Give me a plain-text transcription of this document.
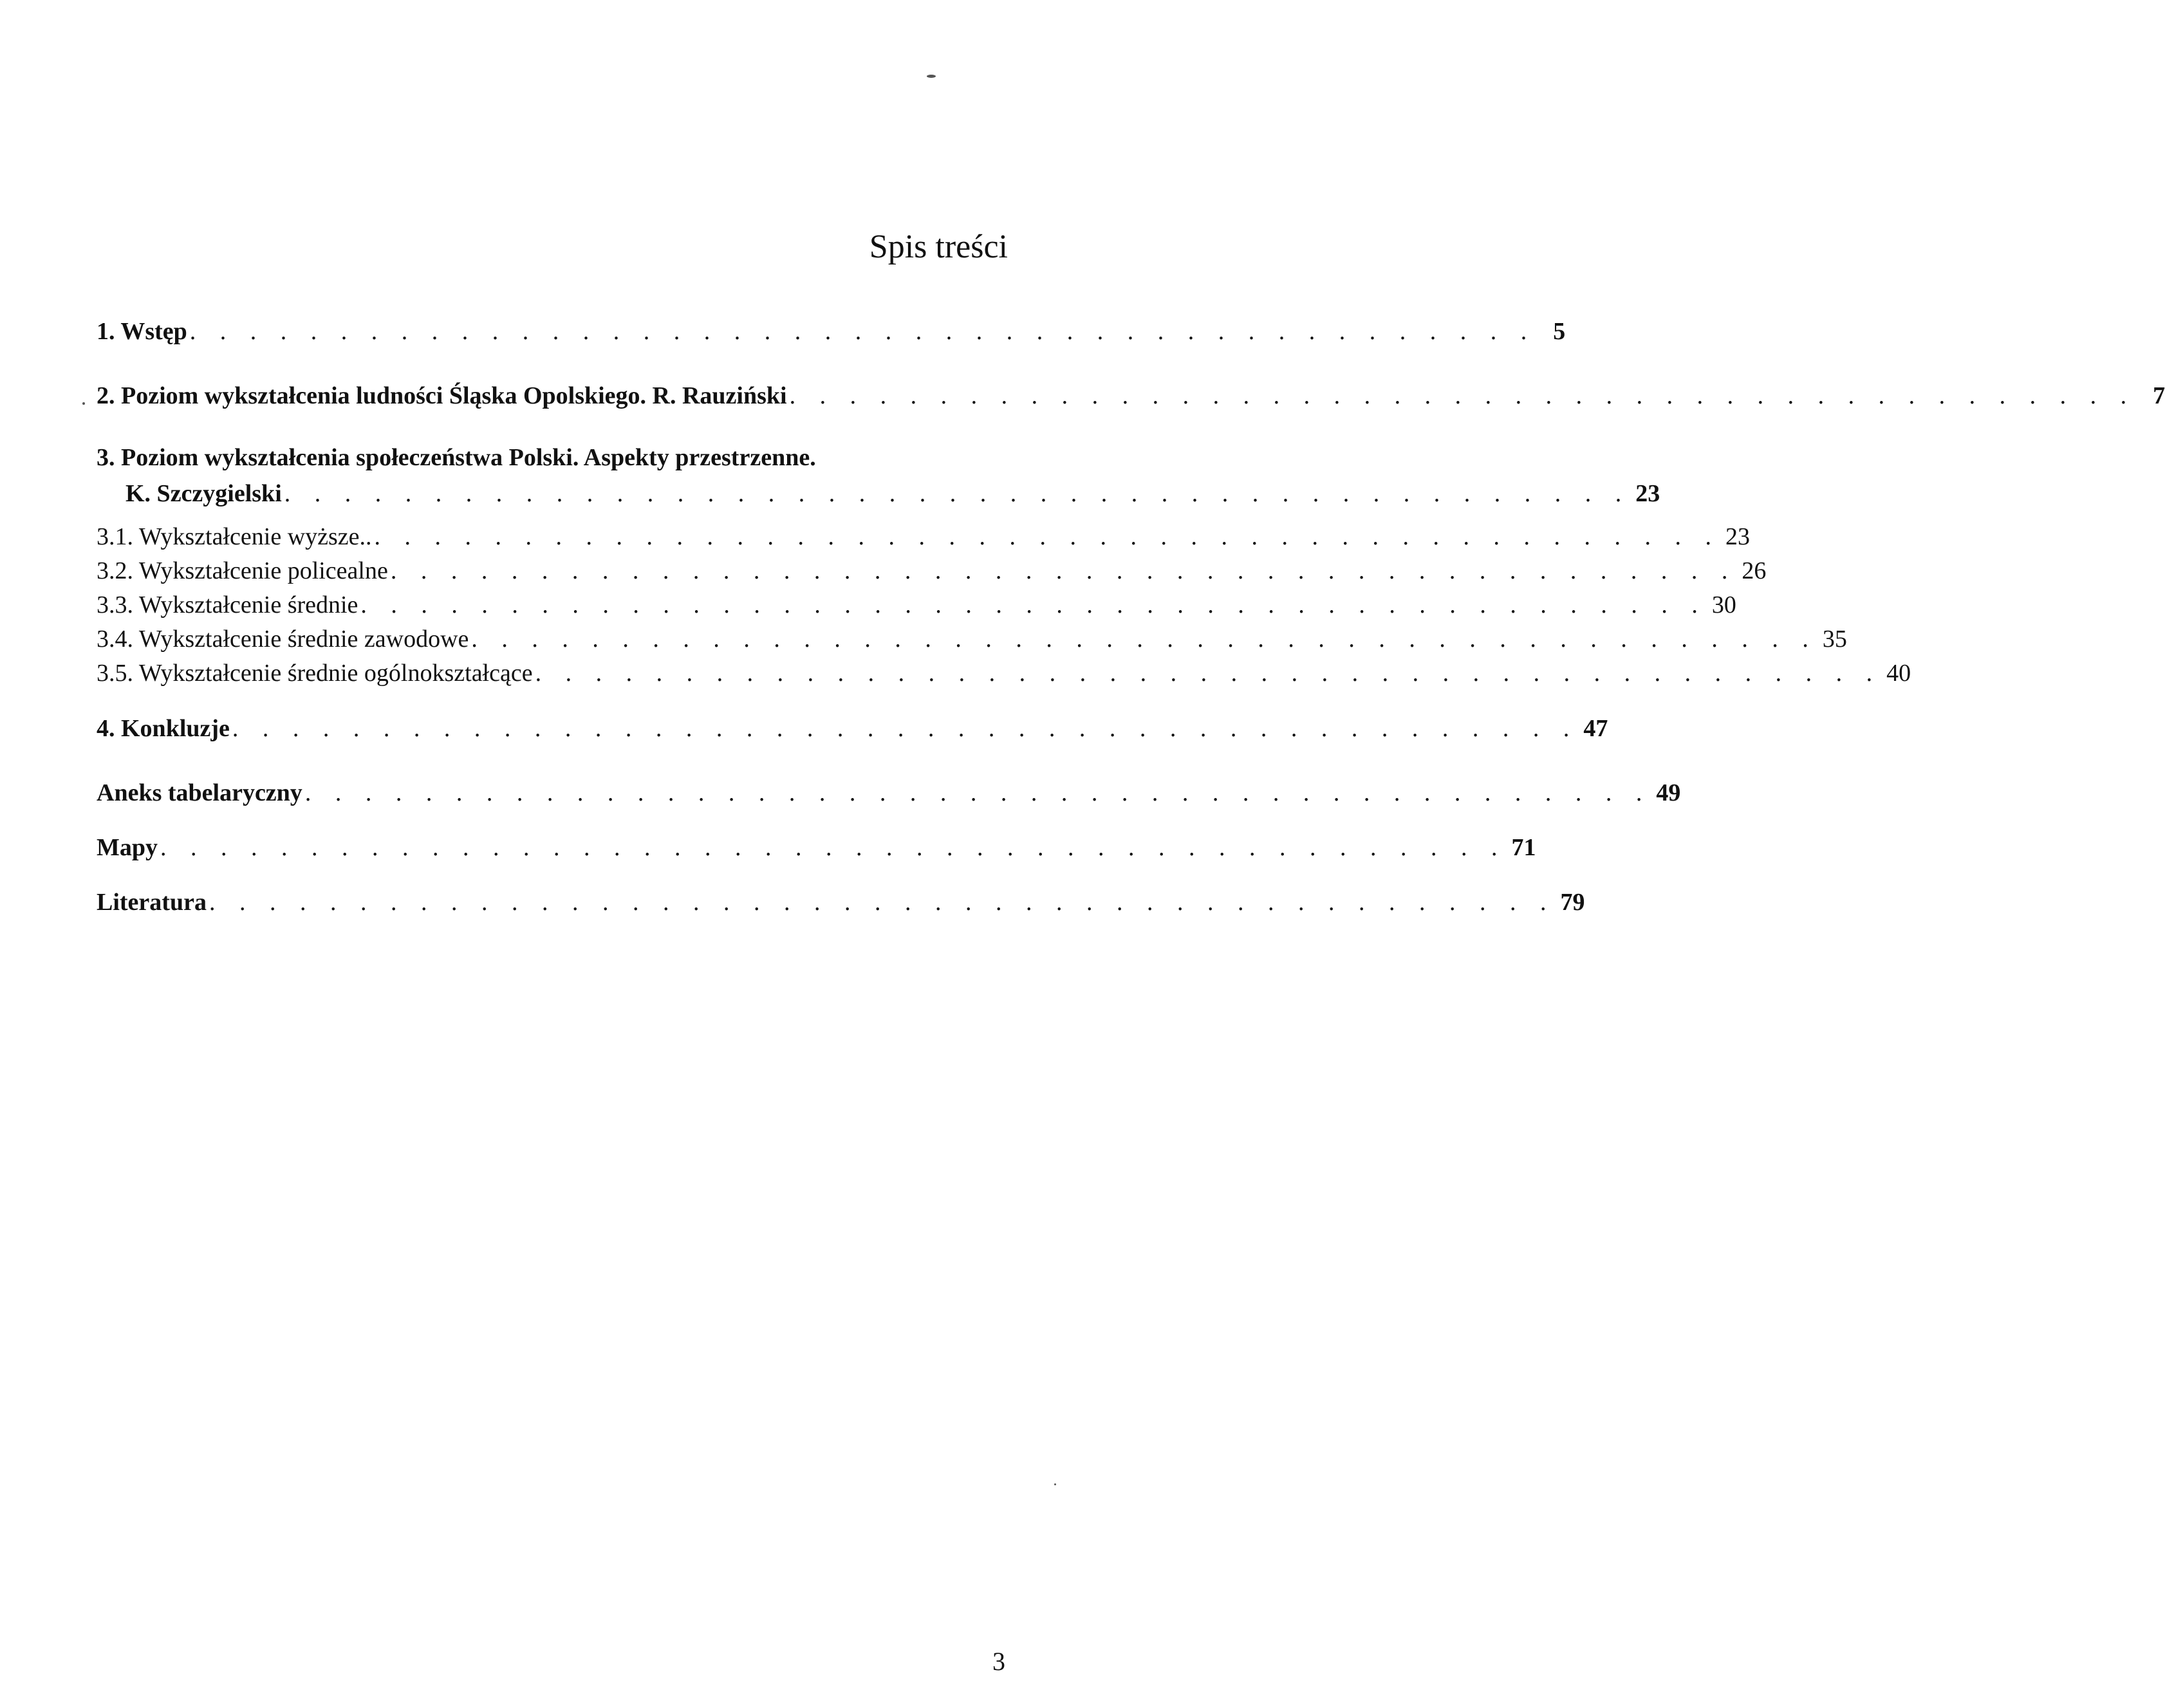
Spis treści
1. Wstęp . . . . . . . . . . . . . . . . . . . . . . . . . . . . . . . . . . . . . . . . . . . . . 5
2. Poziom wykształcenia ludności Śląska Opolskiego. R. Rauziński . . . . . . . . . . . . . . . . . . . . . . . . . . . . . . . . . . . . . . . . . . . . . 7
3. Poziom wykształcenia społeczeństwa Polski. Aspekty przestrzenne.
K. Szczygielski . . . . . . . . . . . . . . . . . . . . . . . . . . . . . . . . . . . . . . . . . . . . . 23
3.1. Wykształcenie wyższe.. . . . . . . . . . . . . . . . . . . . . . . . . . . . . . . . . . . . . . . . . . . . . . 23
3.2. Wykształcenie policealne . . . . . . . . . . . . . . . . . . . . . . . . . . . . . . . . . . . . . . . . . . . . . 26
3.3. Wykształcenie średnie . . . . . . . . . . . . . . . . . . . . . . . . . . . . . . . . . . . . . . . . . . . . . 30
3.4. Wykształcenie średnie zawodowe . . . . . . . . . . . . . . . . . . . . . . . . . . . . . . . . . . . . . . . . . . . . . 35
3.5. Wykształcenie średnie ogólnokształcące . . . . . . . . . . . . . . . . . . . . . . . . . . . . . . . . . . . . . . . . . . . . . 40
4. Konkluzje . . . . . . . . . . . . . . . . . . . . . . . . . . . . . . . . . . . . . . . . . . . . . 47
Aneks tabelaryczny . . . . . . . . . . . . . . . . . . . . . . . . . . . . . . . . . . . . . . . . . . . . . 49
Mapy . . . . . . . . . . . . . . . . . . . . . . . . . . . . . . . . . . . . . . . . . . . . . 71
Literatura . . . . . . . . . . . . . . . . . . . . . . . . . . . . . . . . . . . . . . . . . . . . . 79
3
